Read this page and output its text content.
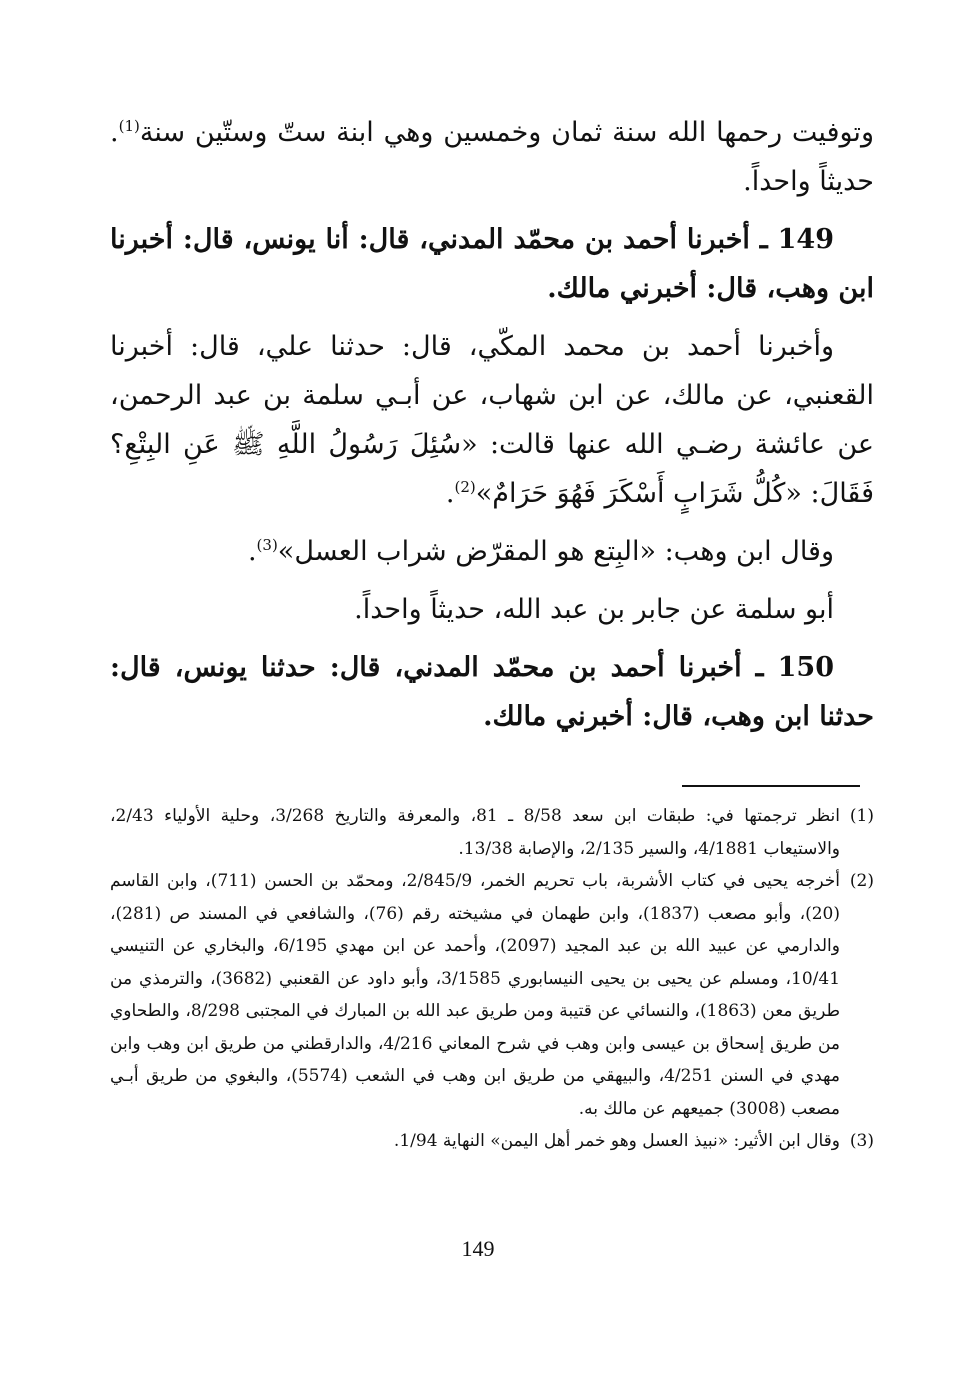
وتوفيت رحمها الله سنة ثمان وخمسين وهي ابنة ستّ وستّين سنة$^{(1)}$. حديثاً واحداً.

149 ـ أخبرنا أحمد بن محمّد المدني، قال: أنا يونس، قال: أخبرنا ابن وهب، قال: أخبرني مالك.

وأخبرنا أحمد بن محمد المكّي، قال: حدثنا علي، قال: أخبرنا القعنبي، عن مالك، عن ابن شهاب، عن أبـي سلمة بن عبد الرحمن، عن عائشة رضـي الله عنها قالت: «سُئِلَ رَسُولُ اللَّهِ ﷺ عَنِ البِتْعِ؟ فَقَالَ: «كُلُّ شَرَابٍ أَسْكَرَ فَهُوَ حَرَامٌ»$^{(2)}$.

وقال ابن وهب: «البِتع هو المقرّض شراب العسل»$^{(3)}$.

أبو سلمة عن جابر بن عبد الله، حديثاً واحداً.

150 ـ أخبرنا أحمد بن محمّد المدني، قال: حدثنا يونس، قال: حدثنا ابن وهب، قال: أخبرني مالك.

(1)
انظر ترجمتها في: طبقات ابن سعد 8/58 ـ 81، والمعرفة والتاريخ 3/268، وحلية الأولياء 2/43، والاستيعاب 4/1881، والسير 2/135، والإصابة 13/38.

(2)
أخرجه يحيى في كتاب الأشربة، باب تحريم الخمر، 2/845/9، ومحمّد بن الحسن (711)، وابن القاسم (20)، وأبو مصعب (1837)، وابن طهمان في مشيخته رقم (76)، والشافعي في المسند ص (281)، والدارمي عن عبيد الله بن عبد المجيد (2097)، وأحمد عن ابن مهدي 6/195، والبخاري عن التنيسي 10/41، ومسلم عن يحيى بن يحيى النيسابوري 3/1585، وأبو داود عن القعنبي (3682)، والترمذي من طريق معن (1863)، والنسائي عن قتيبة ومن طريق عبد الله بن المبارك في المجتبى 8/298، والطحاوي من طريق إسحاق بن عيسى وابن وهب في شرح المعاني 4/216، والدارقطني من طريق ابن وهب وابن مهدي في السنن 4/251، والبيهقي من طريق ابن وهب في الشعب (5574)، والبغوي من طريق أبـي مصعب (3008) جميعهم عن مالك به.

(3)
وقال ابن الأثير: «نبيذ العسل وهو خمر أهل اليمن» النهاية 1/94.

149
